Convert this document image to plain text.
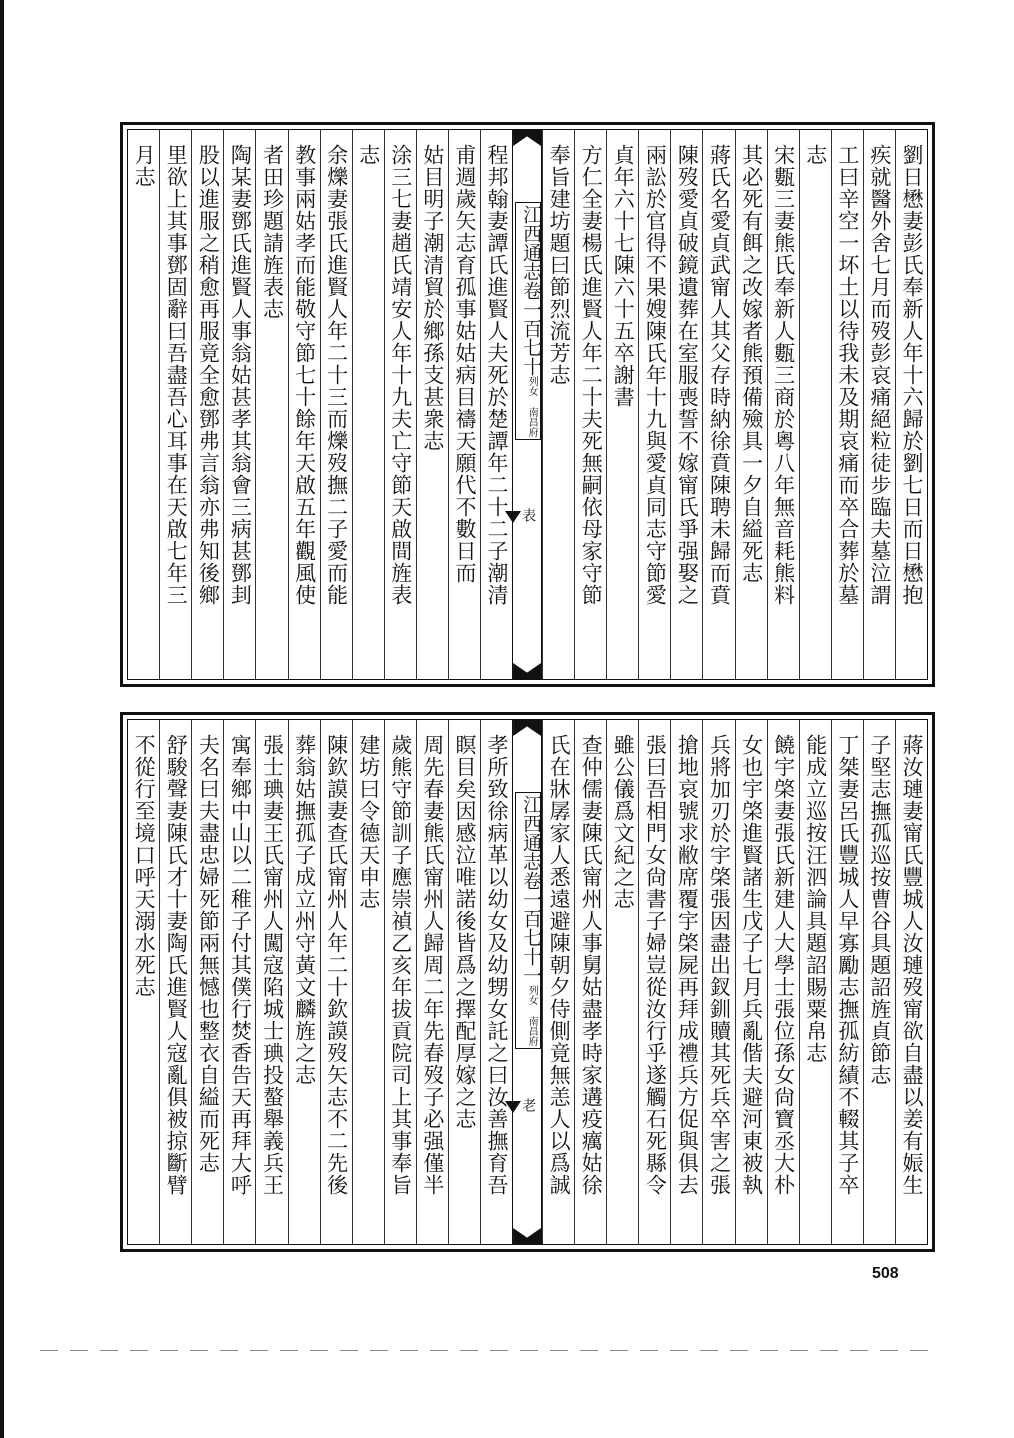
劉日懋妻彭氏奉新人年十六歸於劉七日而日懋抱
疾就醫外舍七月而歿彭哀痛絕粒徒步臨夫墓泣謂
工曰辛空一坏土以待我未及期哀痛而卒合葬於墓
志
宋甊三妻熊氏奉新人甊三商於粵八年無音耗熊料
其必死有餌之改嫁者熊預備殮具一夕自縊死志
蔣氏名愛貞武甯人其父存時納徐賁陳聘未歸而賁
陳歿愛貞破鏡遺葬在室服喪誓不嫁甯氏爭强娶之
兩訟於官得不果嫂陳氏年十九與愛貞同志守節愛
貞年六十七陳六十五卒謝書
方仁全妻楊氏進賢人年二十夫死無嗣依母家守節
奉旨建坊題曰節烈流芳志
江西通志卷一百七十列女 南昌府
表
程邦翰妻譚氏進賢人夫死於楚譚年二十二子潮清
甫週歲矢志育孤事姑姑病目禱天願代不數日而
姑目明子潮清貿於鄉孫支甚衆志
涂三七妻趙氏靖安人年十九夫亡守節天啟間旌表
志
余爍妻張氏進賢人年二十三而爍歿撫二子愛而能
教事兩姑孝而能敬守節七十餘年天啟五年觀風使
者田珍題請旌表志
陶某妻鄧氏進賢人事翁姑甚孝其翁會三病甚鄧刲
股以進服之稍愈再服竟全愈鄧弗言翁亦弗知後鄉
里欲上其事鄧固辭曰吾盡吾心耳事在天啟七年三
月志
蔣汝璉妻甯氏豐城人汝璉歿甯欲自盡以姜有娠生
子堅志撫孤巡按曹谷具題詔旌貞節志
丁桀妻呂氏豐城人早寡勵志撫孤紡績不輟其子卒
能成立巡按汪泗論具題詔賜粟帛志
饒宇棨妻張氏新建人大學士張位孫女尙寶丞大朴
女也宇棨進賢諸生戊子七月兵亂偕夫避河東被執
兵將加刃於宇棨張因盡出釵釧贖其死兵卒害之張
搶地哀號求敝席覆宇棨屍再拜成禮兵方促與俱去
張曰吾相門女尙書子婦豈從汝行乎遂觸石死縣令
雖公儀爲文紀之志
查仲儒妻陳氏甯州人事舅姑盡孝時家遘疫癘姑徐
氏在牀孱家人悉遠避陳朝夕侍側竟無恙人以爲誠
江西通志卷一百七十一列女 南昌府
老
孝所致徐病革以幼女及幼甥女託之曰汝善撫育吾
瞑目矣因感泣唯諾後皆爲之擇配厚嫁之志
周先春妻熊氏甯州人歸周二年先春歿子必强僅半
歲熊守節訓子應崇禎乙亥年拔貢院司上其事奉旨
建坊曰令德天申志
陳欽謨妻查氏甯州人年二十欽謨歿矢志不二先後
葬翁姑撫孤子成立州守黃文麟旌之志
張士琠妻王氏甯州人闖寇陷城士琠投螯舉義兵王
寓奉鄉中山以二稚子付其僕行焚香告天再拜大呼
夫名曰夫盡忠婦死節兩無憾也整衣自縊而死志
舒駿聲妻陳氏才十妻陶氏進賢人寇亂俱被掠斷臂
不從行至境口呼天溺水死志
508
